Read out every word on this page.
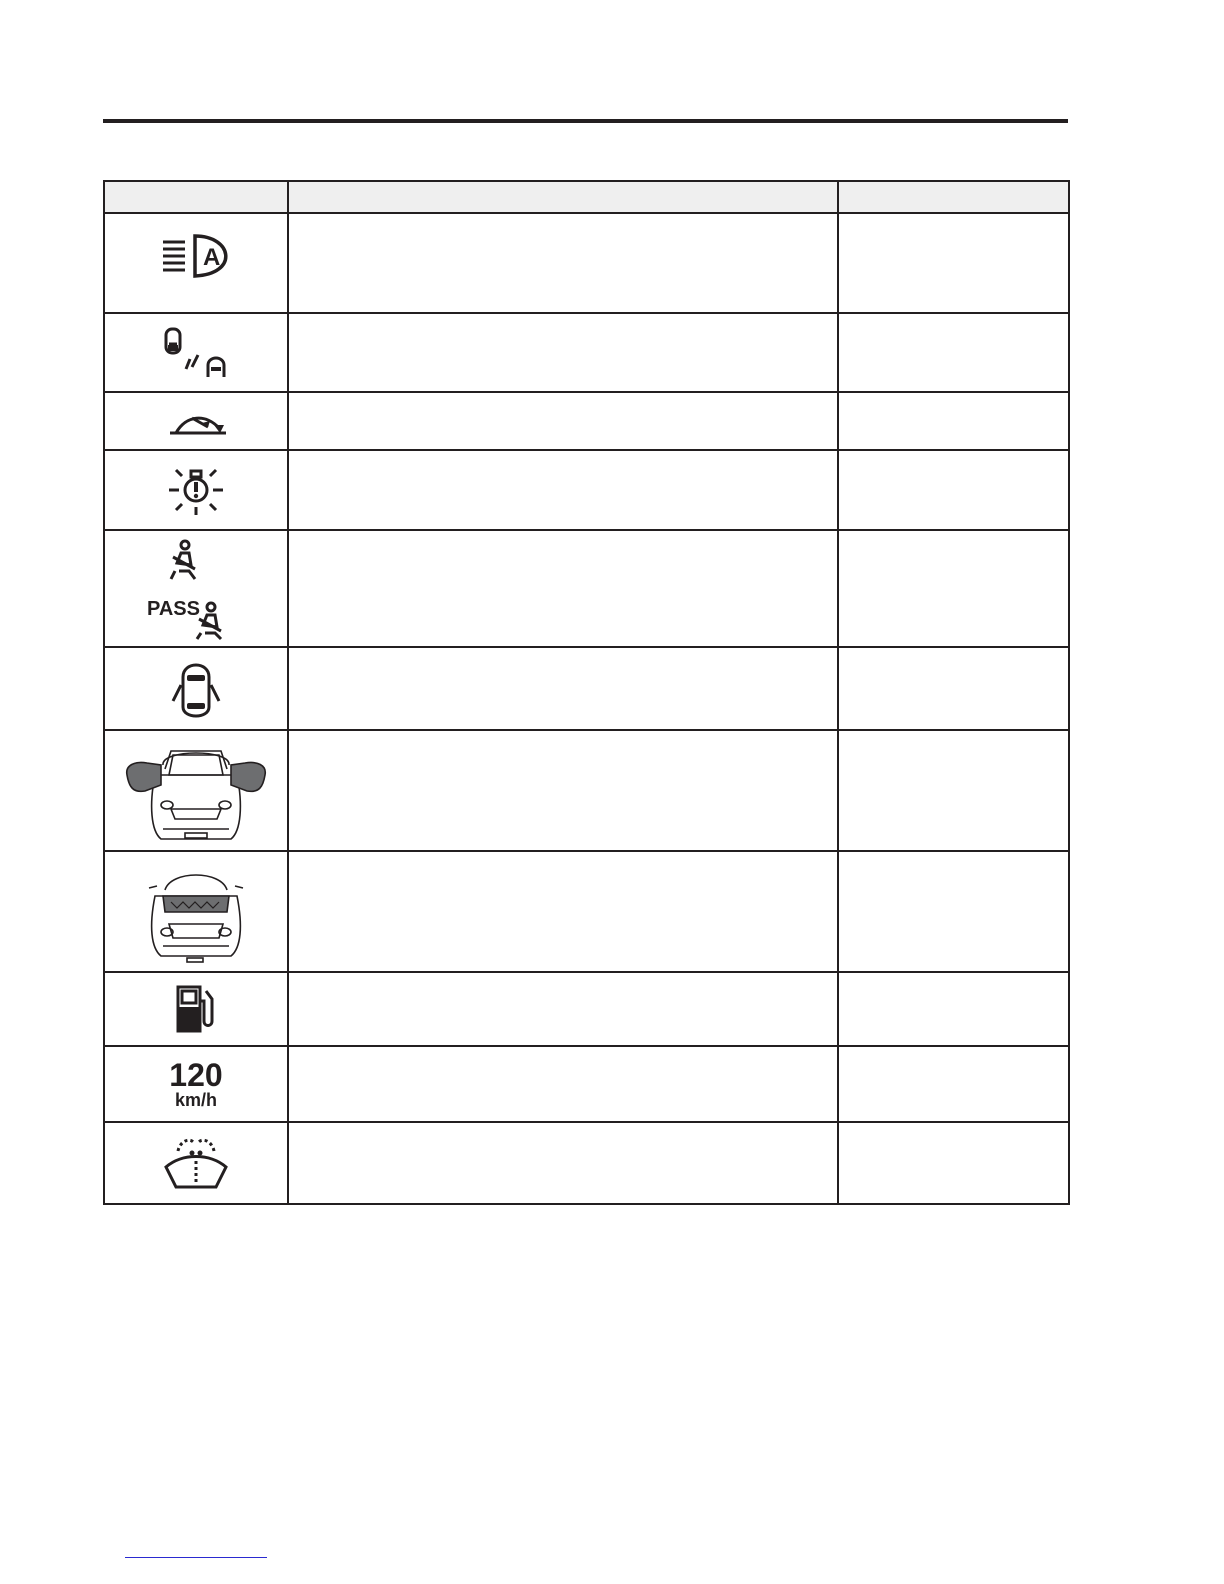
A		

PASS		

120
km/h		
